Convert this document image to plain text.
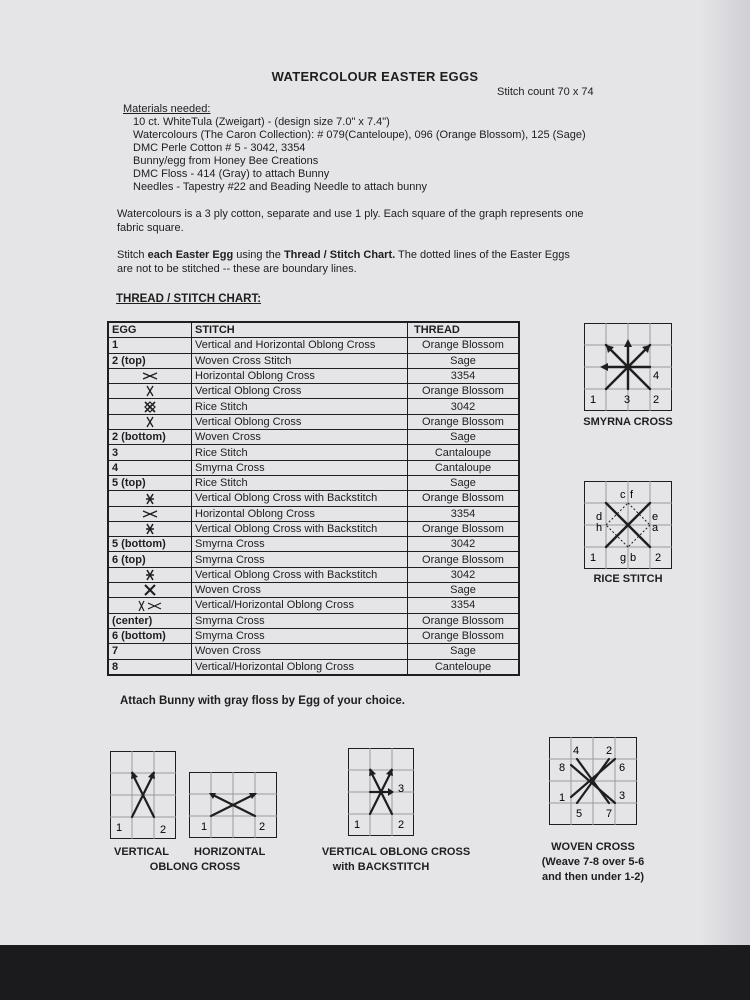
WATERCOLOUR EASTER EGGS
Stitch count 70 x 74
Materials needed:
10 ct. WhiteTula (Zweigart) - (design size 7.0" x 7.4")
Watercolours (The Caron Collection): # 079(Canteloupe), 096 (Orange Blossom), 125 (Sage)
DMC Perle Cotton # 5 - 3042, 3354
Bunny/egg from Honey Bee Creations
DMC Floss - 414 (Gray) to attach Bunny
Needles - Tapestry #22 and Beading Needle to attach bunny
Watercolours is a 3 ply cotton, separate and use 1 ply. Each square of the graph represents one
fabric square.
Stitch each Easter Egg using the Thread / Stitch Chart. The dotted lines of the Easter Eggs
are not to be stitched -- these are boundary lines.
THREAD / STITCH CHART:
EGG	STITCH	THREAD
1	Vertical and Horizontal Oblong Cross	Orange Blossom
2 (top)	Woven Cross Stitch	Sage
	Horizontal Oblong Cross	3354
	Vertical Oblong Cross	Orange Blossom
	Rice Stitch	3042
	Vertical Oblong Cross	Orange Blossom
2 (bottom)	Woven Cross	Sage
3	Rice Stitch	Cantaloupe
4	Smyrna Cross	Cantaloupe
5 (top)	Rice Stitch	Sage
	Vertical Oblong Cross with Backstitch	Orange Blossom
	Horizontal Oblong Cross	3354
	Vertical Oblong Cross with Backstitch	Orange Blossom
5 (bottom)	Smyrna Cross	3042
6 (top)	Smyrna Cross	Orange Blossom
	Vertical Oblong Cross with Backstitch	3042
	Woven Cross	Sage
	Vertical/Horizontal Oblong Cross	3354
(center)	Smyrna Cross	Orange Blossom
6 (bottom)	Smyrna Cross	Orange Blossom
7	Woven Cross	Sage
8	Vertical/Horizontal Oblong Cross	Canteloupe
Attach Bunny with gray floss by Egg of your choice.
1	3 2
4
SMYRNA CROSS
c f
d
h
e
a
1 g b 2
RICE STITCH
1	2	1	2
VERTICAL HORIZONTAL
OBLONG CROSS
1	2
3
VERTICAL OBLONG CROSS
with BACKSTITCH
4 2
8	6
1	3
5 7
WOVEN CROSS
(Weave 7-8 over 5-6
and then under 1-2)
